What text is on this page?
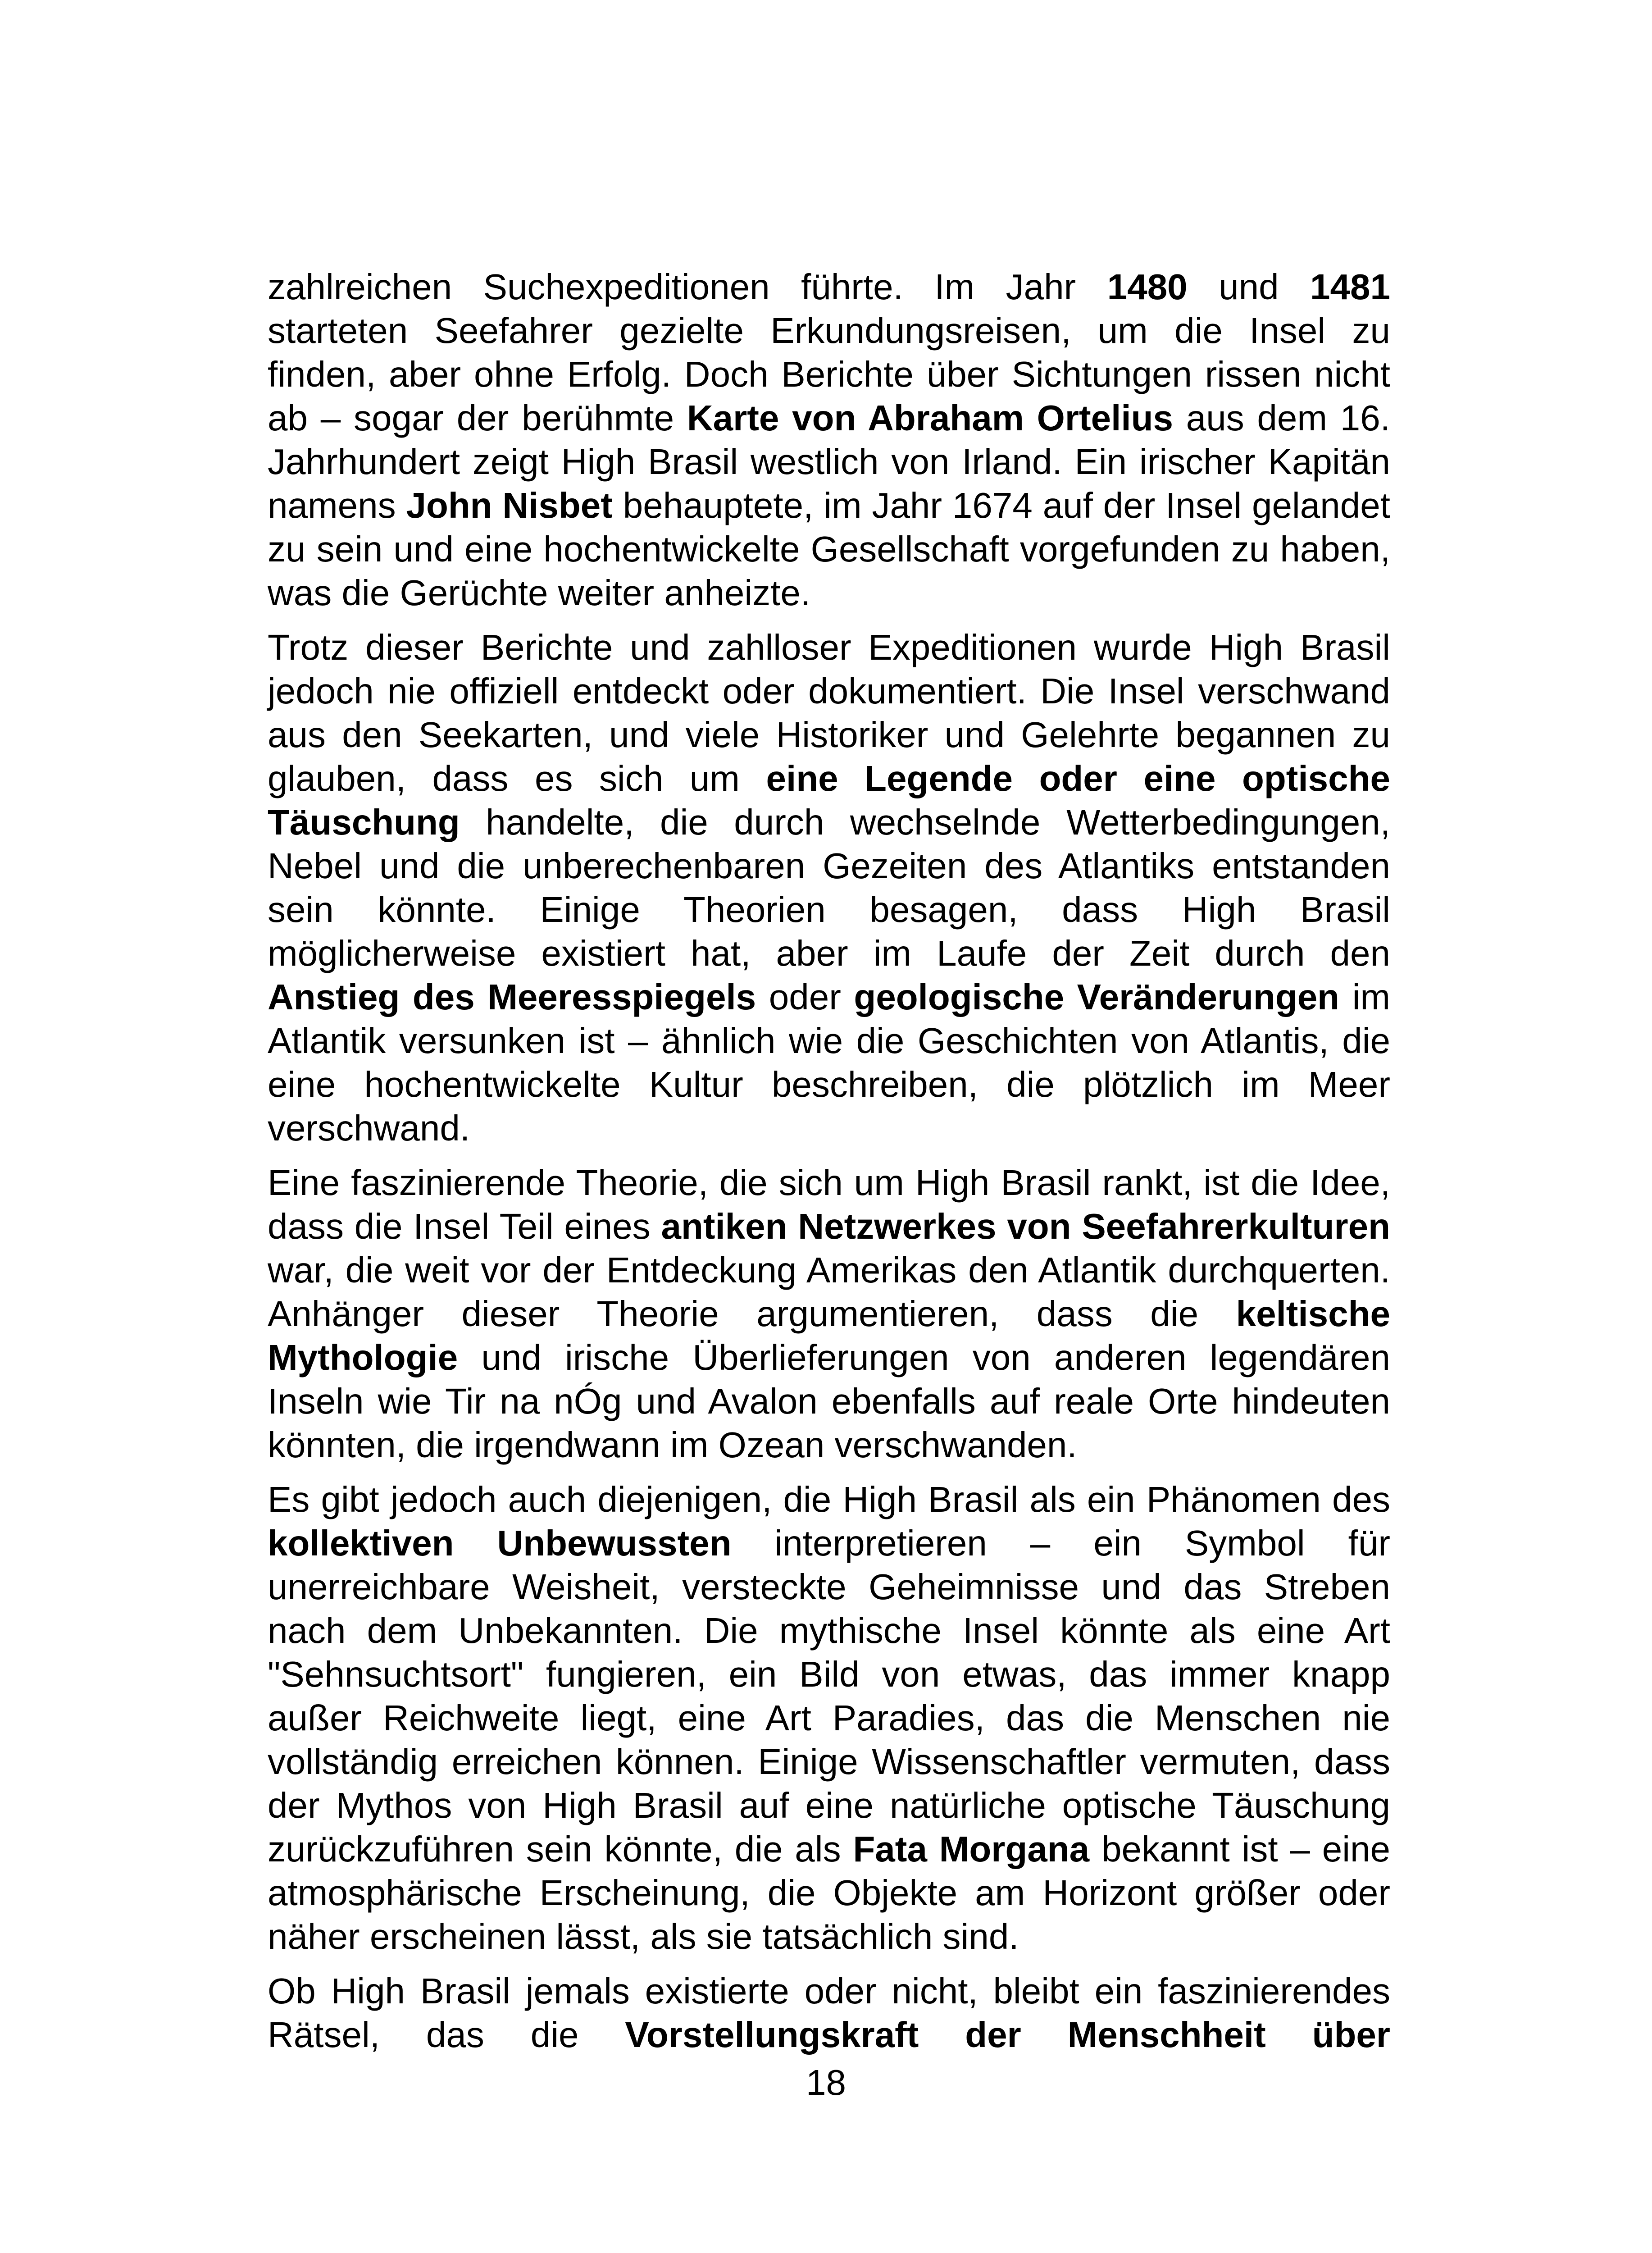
zahlreichen Suchexpeditionen führte. Im Jahr 1480 und 1481 starteten Seefahrer gezielte Erkundungsreisen, um die Insel zu finden, aber ohne Erfolg. Doch Berichte über Sichtungen rissen nicht ab – sogar der berühmte Karte von Abraham Ortelius aus dem 16. Jahrhundert zeigt High Brasil westlich von Irland. Ein irischer Kapitän namens John Nisbet behauptete, im Jahr 1674 auf der Insel gelandet zu sein und eine hochentwickelte Gesellschaft vorgefunden zu haben, was die Gerüchte weiter anheizte.

Trotz dieser Berichte und zahlloser Expeditionen wurde High Brasil jedoch nie offiziell entdeckt oder dokumentiert. Die Insel verschwand aus den Seekarten, und viele Historiker und Gelehrte begannen zu glauben, dass es sich um eine Legende oder eine optische Täuschung handelte, die durch wechselnde Wetterbedingungen, Nebel und die unberechenbaren Gezeiten des Atlantiks entstanden sein könnte. Einige Theorien besagen, dass High Brasil möglicherweise existiert hat, aber im Laufe der Zeit durch den Anstieg des Meeresspiegels oder geologische Veränderungen im Atlantik versunken ist – ähnlich wie die Geschichten von Atlantis, die eine hochentwickelte Kultur beschreiben, die plötzlich im Meer verschwand.

Eine faszinierende Theorie, die sich um High Brasil rankt, ist die Idee, dass die Insel Teil eines antiken Netzwerkes von Seefahrerkulturen war, die weit vor der Entdeckung Amerikas den Atlantik durchquerten. Anhänger dieser Theorie argumentieren, dass die keltische Mythologie und irische Überlieferungen von anderen legendären Inseln wie Tir na nÓg und Avalon ebenfalls auf reale Orte hindeuten könnten, die irgendwann im Ozean verschwanden.

Es gibt jedoch auch diejenigen, die High Brasil als ein Phänomen des kollektiven Unbewussten interpretieren – ein Symbol für unerreichbare Weisheit, versteckte Geheimnisse und das Streben nach dem Unbekannten. Die mythische Insel könnte als eine Art "Sehnsuchtsort" fungieren, ein Bild von etwas, das immer knapp außer Reichweite liegt, eine Art Paradies, das die Menschen nie vollständig erreichen können. Einige Wissenschaftler vermuten, dass der Mythos von High Brasil auf eine natürliche optische Täuschung zurückzuführen sein könnte, die als Fata Morgana bekannt ist – eine atmosphärische Erscheinung, die Objekte am Horizont größer oder näher erscheinen lässt, als sie tatsächlich sind.

Ob High Brasil jemals existierte oder nicht, bleibt ein faszinierendes Rätsel, das die Vorstellungskraft der Menschheit über

18
